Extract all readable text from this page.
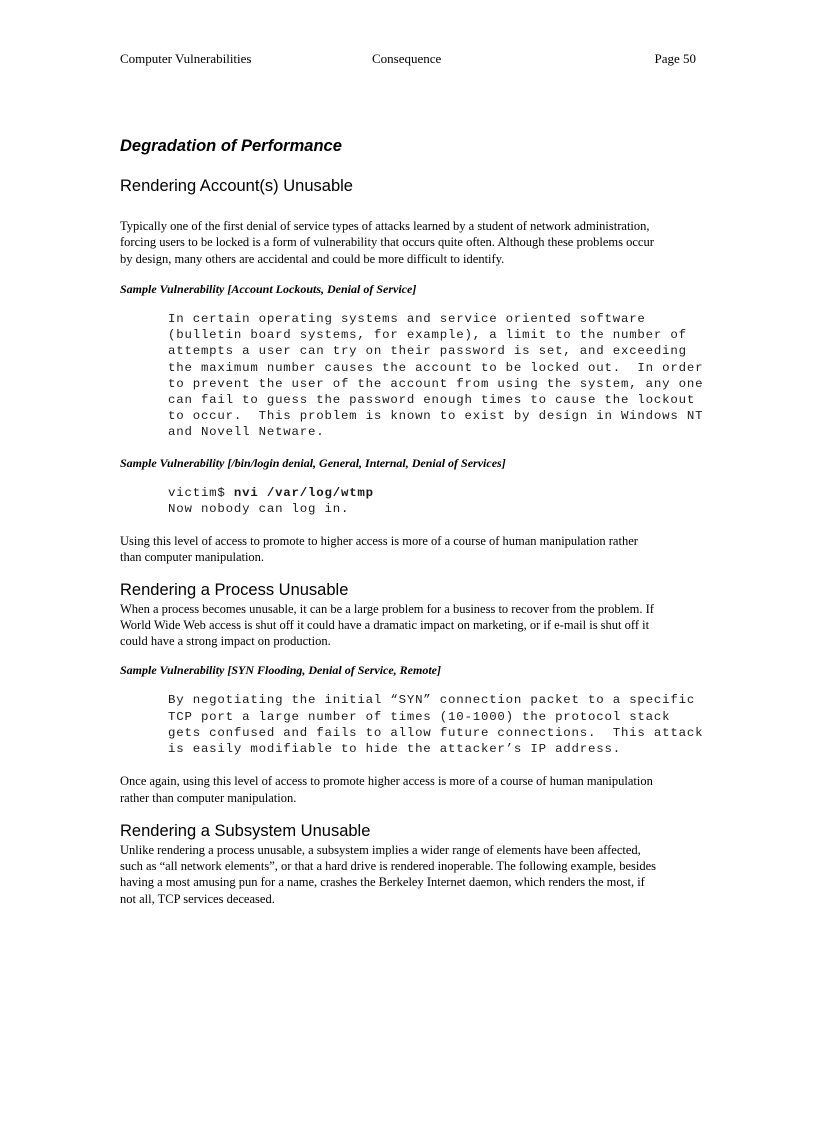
Computer Vulnerabilities	Consequence	Page 50
Degradation of Performance
Rendering Account(s) Unusable
Typically one of the first denial of service types of attacks learned by a student of network administration,
forcing users to be locked is a form of vulnerability that occurs quite often. Although these problems occur
by design, many others are accidental and could be more difficult to identify.
Sample Vulnerability [Account Lockouts, Denial of Service]
In certain operating systems and service oriented software
(bulletin board systems, for example), a limit to the number of
attempts a user can try on their password is set, and exceeding
the maximum number causes the account to be locked out.  In order
to prevent the user of the account from using the system, any one
can fail to guess the password enough times to cause the lockout
to occur.  This problem is known to exist by design in Windows NT
and Novell Netware.
Sample Vulnerability [/bin/login denial, General, Internal, Denial of Services]
victim$ nvi /var/log/wtmp
Now nobody can log in.
Using this level of access to promote to higher access is more of a course of human manipulation rather
than computer manipulation.
Rendering a Process Unusable
When a process becomes unusable, it can be a large problem for a business to recover from the problem. If
World Wide Web access is shut off it could have a dramatic impact on marketing, or if e-mail is shut off it
could have a strong impact on production.
Sample Vulnerability [SYN Flooding, Denial of Service, Remote]
By negotiating the initial “SYN” connection packet to a specific
TCP port a large number of times (10-1000) the protocol stack
gets confused and fails to allow future connections.  This attack
is easily modifiable to hide the attacker’s IP address.
Once again, using this level of access to promote higher access is more of a course of human manipulation
rather than computer manipulation.
Rendering a Subsystem Unusable
Unlike rendering a process unusable, a subsystem implies a wider range of elements have been affected,
such as “all network elements”, or that a hard drive is rendered inoperable. The following example, besides
having a most amusing pun for a name, crashes the Berkeley Internet daemon, which renders the most, if
not all, TCP services deceased.
